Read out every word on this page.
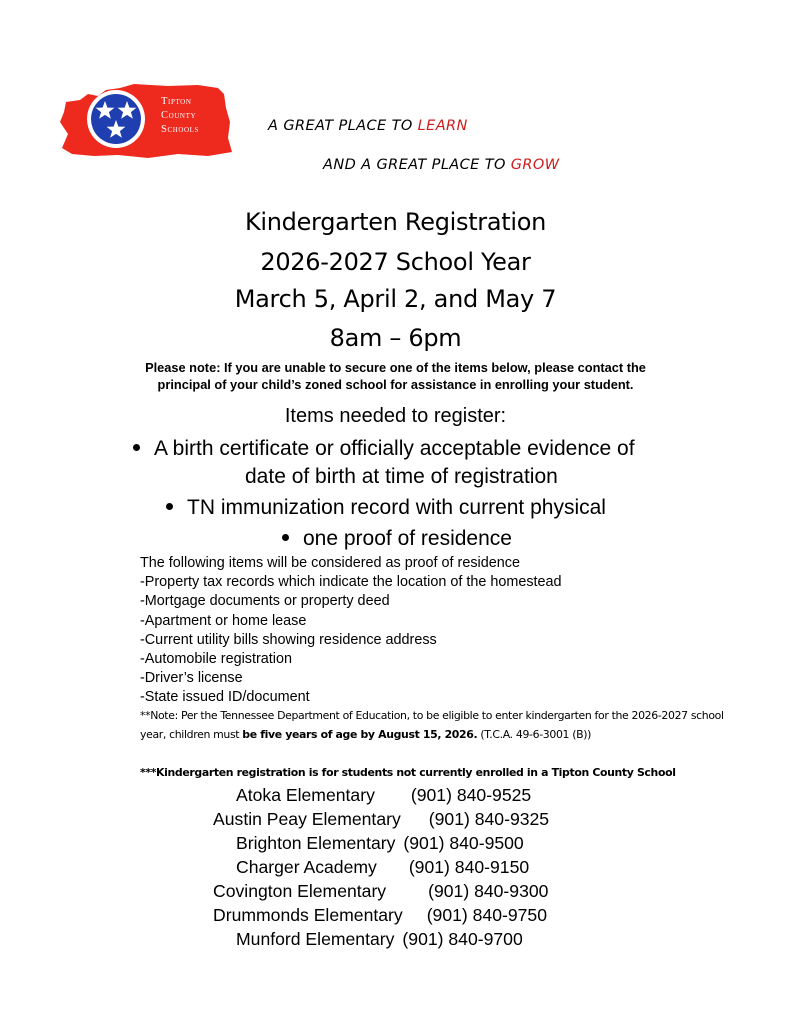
Tipton
County
Schools	A GREAT PLACE TO LEARN
AND A GREAT PLACE TO GROW
Kindergarten Registration
2026-2027 School Year
March 5, April 2, and May 7
8am – 6pm
Please note: If you are unable to secure one of the items below, please contact the
principal of your child’s zoned school for assistance in enrolling your student.
Items needed to register:
A birth certificate or officially acceptable evidence of
date of birth at time of registration
TN immunization record with current physical
one proof of residence
The following items will be considered as proof of residence
-Property tax records which indicate the location of the homestead
-Mortgage documents or property deed
-Apartment or home lease
-Current utility bills showing residence address
-Automobile registration
-Driver’s license
-State issued ID/document
**Note: Per the Tennessee Department of Education, to be eligible to enter kindergarten for the 2026-2027 school year, children must be five years of age by August 15, 2026. (T.C.A. 49-6-3001 (B))
***Kindergarten registration is for students not currently enrolled in a Tipton County School
Atoka Elementary (901) 840-9525
Austin Peay Elementary (901) 840-9325
Brighton Elementary (901) 840-9500
Charger Academy (901) 840-9150
Covington Elementary (901) 840-9300
Drummonds Elementary (901) 840-9750
Munford Elementary (901) 840-9700
